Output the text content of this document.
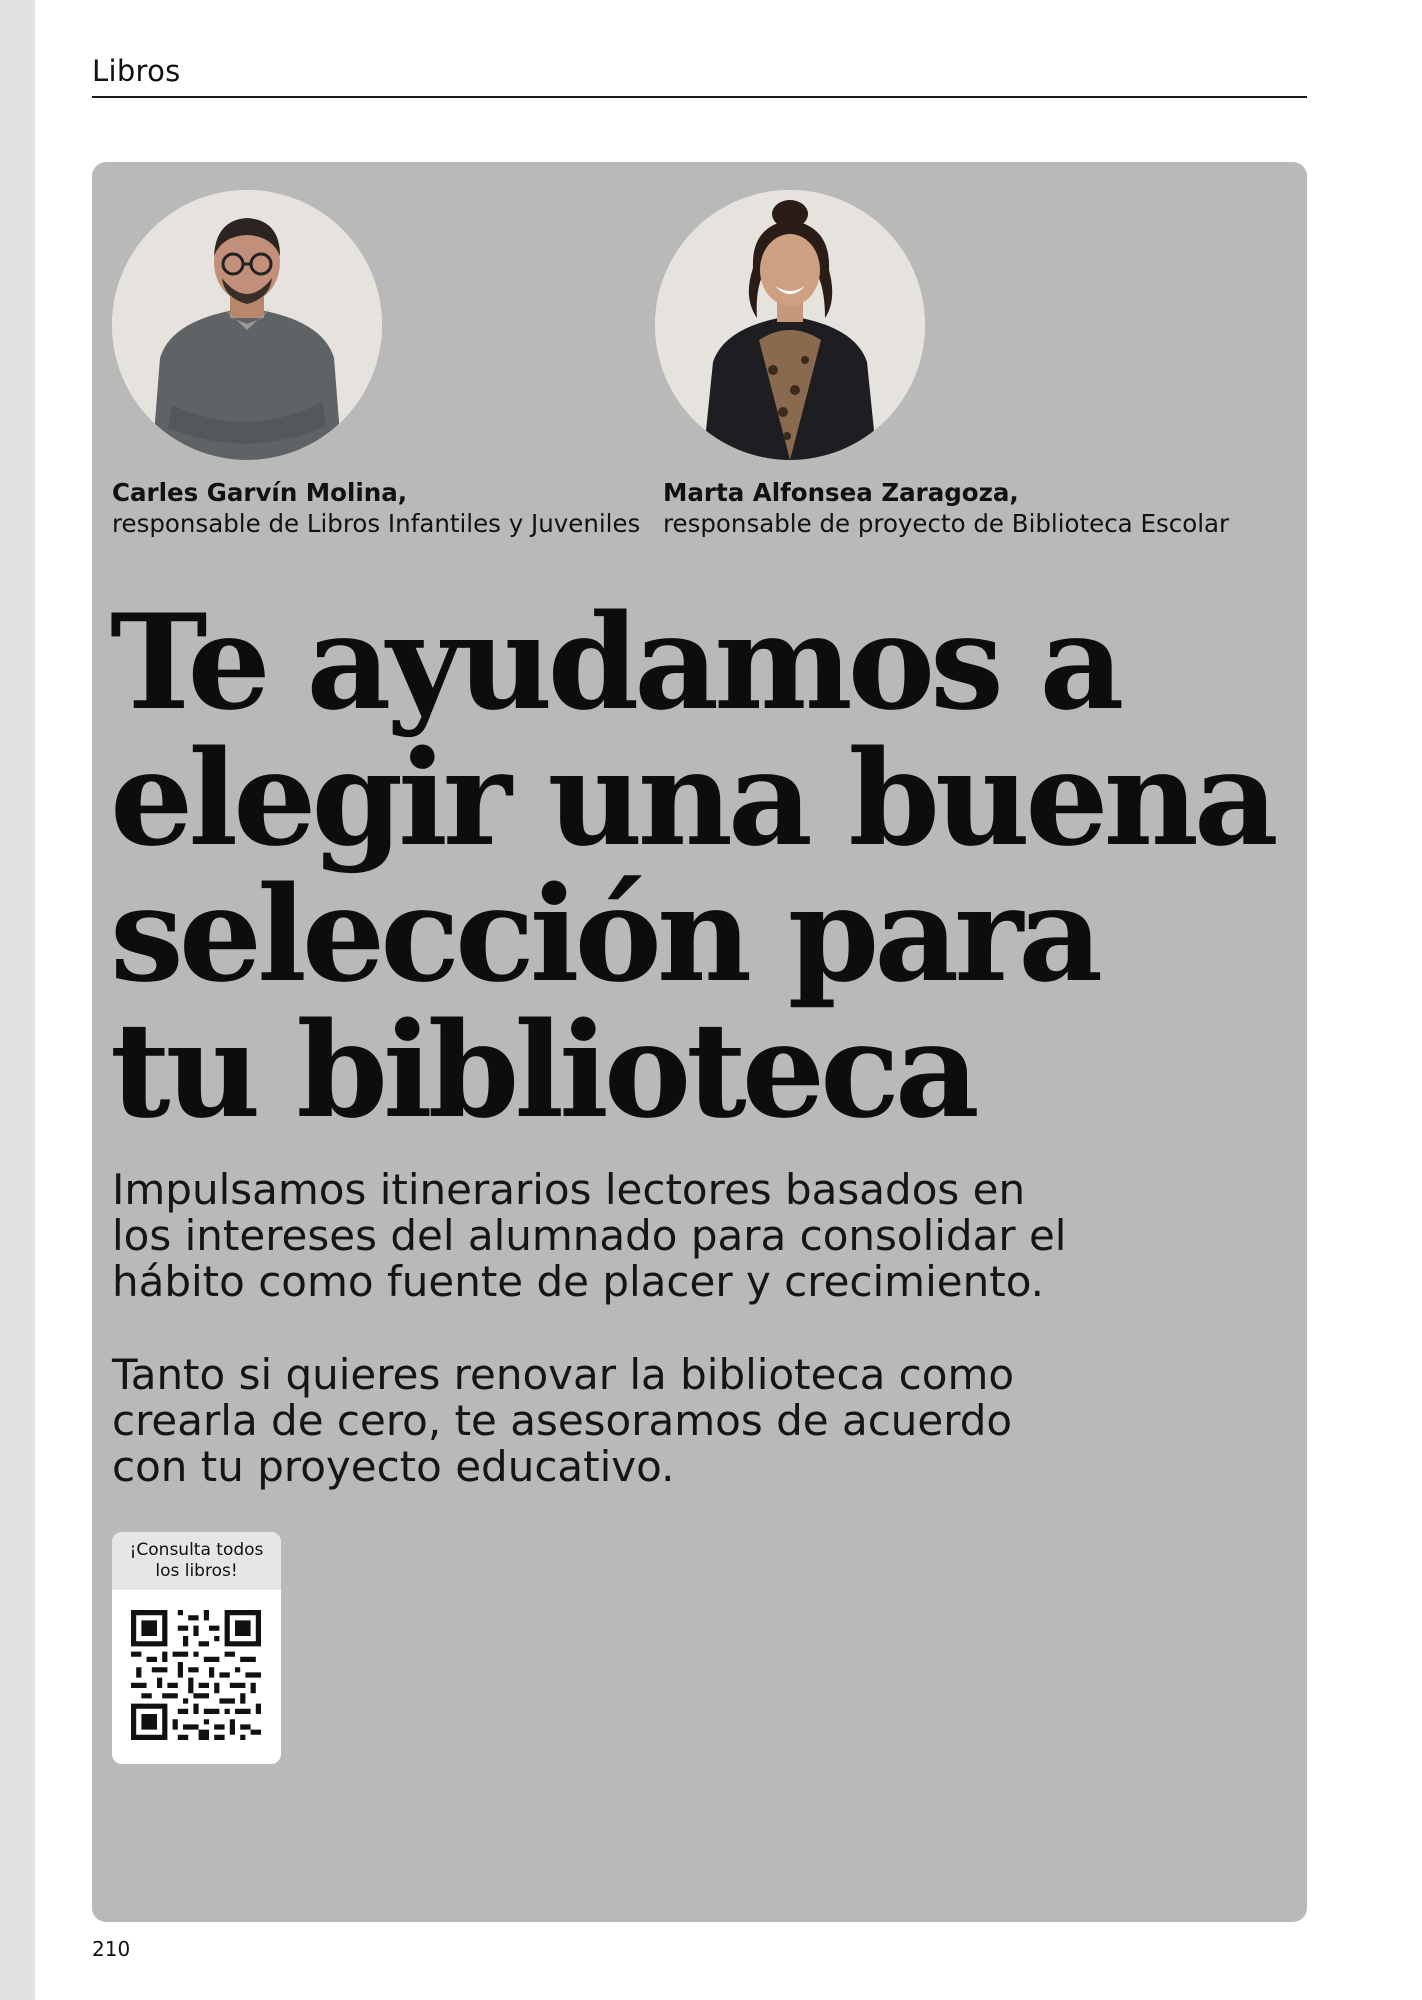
Libros
Carles Garvín Molina,
responsable de Libros Infantiles y Juveniles
Marta Alfonsea Zaragoza,
responsable de proyecto de Biblioteca Escolar
Te ayudamos a
elegir una buena
selección para
tu biblioteca

Impulsamos itinerarios lectores basados en los intereses del alumnado para consolidar el hábito como fuente de placer y crecimiento.

Tanto si quieres renovar la biblioteca como crearla de cero, te asesoramos de acuerdo con tu proyecto educativo.

¡Consulta todos
los libros!
210
